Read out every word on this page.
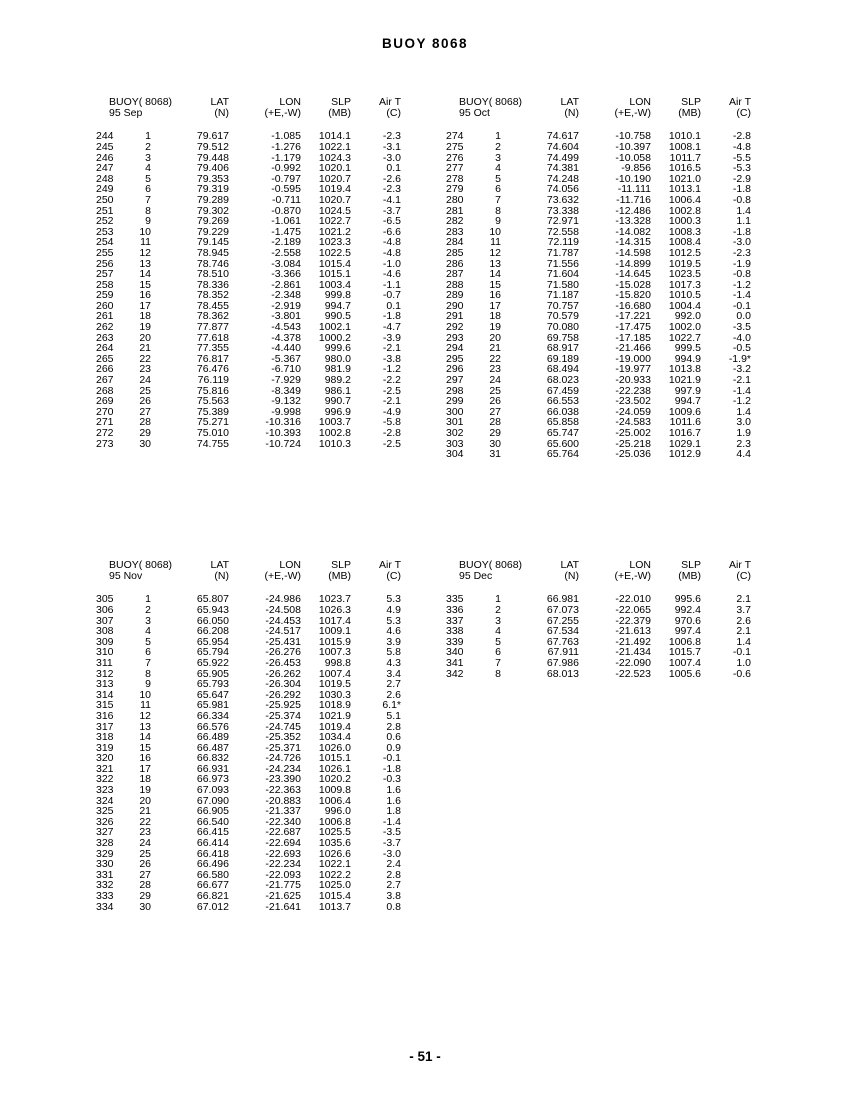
BUOY 8068
BUOY( 8068)	LAT	LON	SLP	Air T
95 Sep	(N)	(+E,-W)	(MB)	(C)
244	1	79.617	-1.085	1014.1	-2.3
245	2	79.512	-1.276	1022.1	-3.1
246	3	79.448	-1.179	1024.3	-3.0
247	4	79.406	-0.992	1020.1	0.1
248	5	79.353	-0.797	1020.7	-2.6
249	6	79.319	-0.595	1019.4	-2.3
250	7	79.289	-0.711	1020.7	-4.1
251	8	79.302	-0.870	1024.5	-3.7
252	9	79.269	-1.061	1022.7	-6.5
253	10	79.229	-1.475	1021.2	-6.6
254	11	79.145	-2.189	1023.3	-4.8
255	12	78.945	-2.558	1022.5	-4.8
256	13	78.746	-3.084	1015.4	-1.0
257	14	78.510	-3.366	1015.1	-4.6
258	15	78.336	-2.861	1003.4	-1.1
259	16	78.352	-2.348	999.8	-0.7
260	17	78.455	-2.919	994.7	0.1
261	18	78.362	-3.801	990.5	-1.8
262	19	77.877	-4.543	1002.1	-4.7
263	20	77.618	-4.378	1000.2	-3.9
264	21	77.355	-4.440	999.6	-2.1
265	22	76.817	-5.367	980.0	-3.8
266	23	76.476	-6.710	981.9	-1.2
267	24	76.119	-7.929	989.2	-2.2
268	25	75.816	-8.349	986.1	-2.5
269	26	75.563	-9.132	990.7	-2.1
270	27	75.389	-9.998	996.9	-4.9
271	28	75.271	-10.316	1003.7	-5.8
272	29	75.010	-10.393	1002.8	-2.8
273	30	74.755	-10.724	1010.3	-2.5
BUOY( 8068)	LAT	LON	SLP	Air T
95 Oct	(N)	(+E,-W)	(MB)	(C)
274	1	74.617	-10.758	1010.1	-2.8
275	2	74.604	-10.397	1008.1	-4.8
276	3	74.499	-10.058	1011.7	-5.5
277	4	74.381	-9.856	1016.5	-5.3
278	5	74.248	-10.190	1021.0	-2.9
279	6	74.056	-11.111	1013.1	-1.8
280	7	73.632	-11.716	1006.4	-0.8
281	8	73.338	-12.486	1002.8	1.4
282	9	72.971	-13.328	1000.3	1.1
283	10	72.558	-14.082	1008.3	-1.8
284	11	72.119	-14.315	1008.4	-3.0
285	12	71.787	-14.598	1012.5	-2.3
286	13	71.556	-14.899	1019.5	-1.9
287	14	71.604	-14.645	1023.5	-0.8
288	15	71.580	-15.028	1017.3	-1.2
289	16	71.187	-15.820	1010.5	-1.4
290	17	70.757	-16.680	1004.4	-0.1
291	18	70.579	-17.221	992.0	0.0
292	19	70.080	-17.475	1002.0	-3.5
293	20	69.758	-17.185	1022.7	-4.0
294	21	68.917	-21.466	999.5	-0.5
295	22	69.189	-19.000	994.9	-1.9*
296	23	68.494	-19.977	1013.8	-3.2
297	24	68.023	-20.933	1021.9	-2.1
298	25	67.459	-22.238	997.9	-1.4
299	26	66.553	-23.502	994.7	-1.2
300	27	66.038	-24.059	1009.6	1.4
301	28	65.858	-24.583	1011.6	3.0
302	29	65.747	-25.002	1016.7	1.9
303	30	65.600	-25.218	1029.1	2.3
304	31	65.764	-25.036	1012.9	4.4
BUOY( 8068)	LAT	LON	SLP	Air T
95 Nov	(N)	(+E,-W)	(MB)	(C)
305	1	65.807	-24.986	1023.7	5.3
306	2	65.943	-24.508	1026.3	4.9
307	3	66.050	-24.453	1017.4	5.3
308	4	66.208	-24.517	1009.1	4.6
309	5	65.954	-25.431	1015.9	3.9
310	6	65.794	-26.276	1007.3	5.8
311	7	65.922	-26.453	998.8	4.3
312	8	65.905	-26.262	1007.4	3.4
313	9	65.793	-26.304	1019.5	2.7
314	10	65.647	-26.292	1030.3	2.6
315	11	65.981	-25.925	1018.9	6.1*
316	12	66.334	-25.374	1021.9	5.1
317	13	66.576	-24.745	1019.4	2.8
318	14	66.489	-25.352	1034.4	0.6
319	15	66.487	-25.371	1026.0	0.9
320	16	66.832	-24.726	1015.1	-0.1
321	17	66.931	-24.234	1026.1	-1.8
322	18	66.973	-23.390	1020.2	-0.3
323	19	67.093	-22.363	1009.8	1.6
324	20	67.090	-20.883	1006.4	1.6
325	21	66.905	-21.337	996.0	1.8
326	22	66.540	-22.340	1006.8	-1.4
327	23	66.415	-22.687	1025.5	-3.5
328	24	66.414	-22.694	1035.6	-3.7
329	25	66.418	-22.693	1026.6	-3.0
330	26	66.496	-22.234	1022.1	2.4
331	27	66.580	-22.093	1022.2	2.8
332	28	66.677	-21.775	1025.0	2.7
333	29	66.821	-21.625	1015.4	3.8
334	30	67.012	-21.641	1013.7	0.8
BUOY( 8068)	LAT	LON	SLP	Air T
95 Dec	(N)	(+E,-W)	(MB)	(C)
335	1	66.981	-22.010	995.6	2.1
336	2	67.073	-22.065	992.4	3.7
337	3	67.255	-22.379	970.6	2.6
338	4	67.534	-21.613	997.4	2.1
339	5	67.763	-21.492	1006.8	1.4
340	6	67.911	-21.434	1015.7	-0.1
341	7	67.986	-22.090	1007.4	1.0
342	8	68.013	-22.523	1005.6	-0.6
- 51 -
